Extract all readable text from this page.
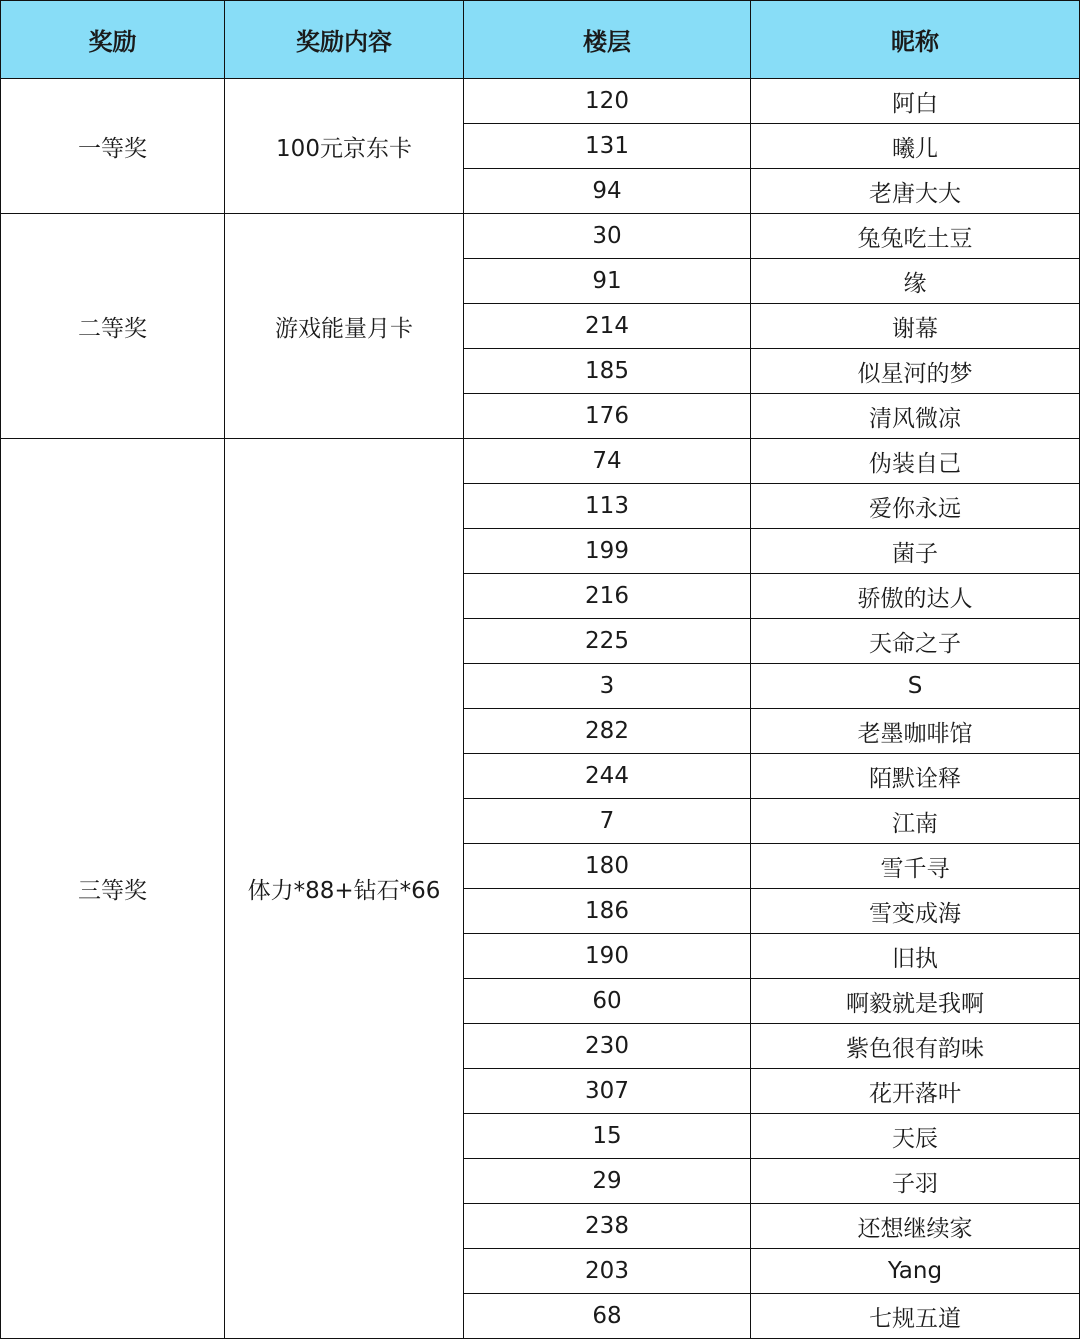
奖励	奖励内容	楼层	昵称
一等奖	100元京东卡	120	阿白
		131	曦儿
		94	老唐大大
二等奖	游戏能量月卡	30	兔兔吃土豆
		91	缘
		214	谢幕
		185	似星河的梦
		176	清风微凉
三等奖	体力*88+钻石*66	74	伪装自己
		113	爱你永远
		199	菌子
		216	骄傲的达人
		225	天命之子
		3	S
		282	老墨咖啡馆
		244	陌默诠释
		7	江南
		180	雪千寻
		186	雪变成海
		190	旧执
		60	啊毅就是我啊
		230	紫色很有韵味
		307	花开落叶
		15	天辰
		29	子羽
		238	还想继续家
		203	Yang
		68	七规五道
